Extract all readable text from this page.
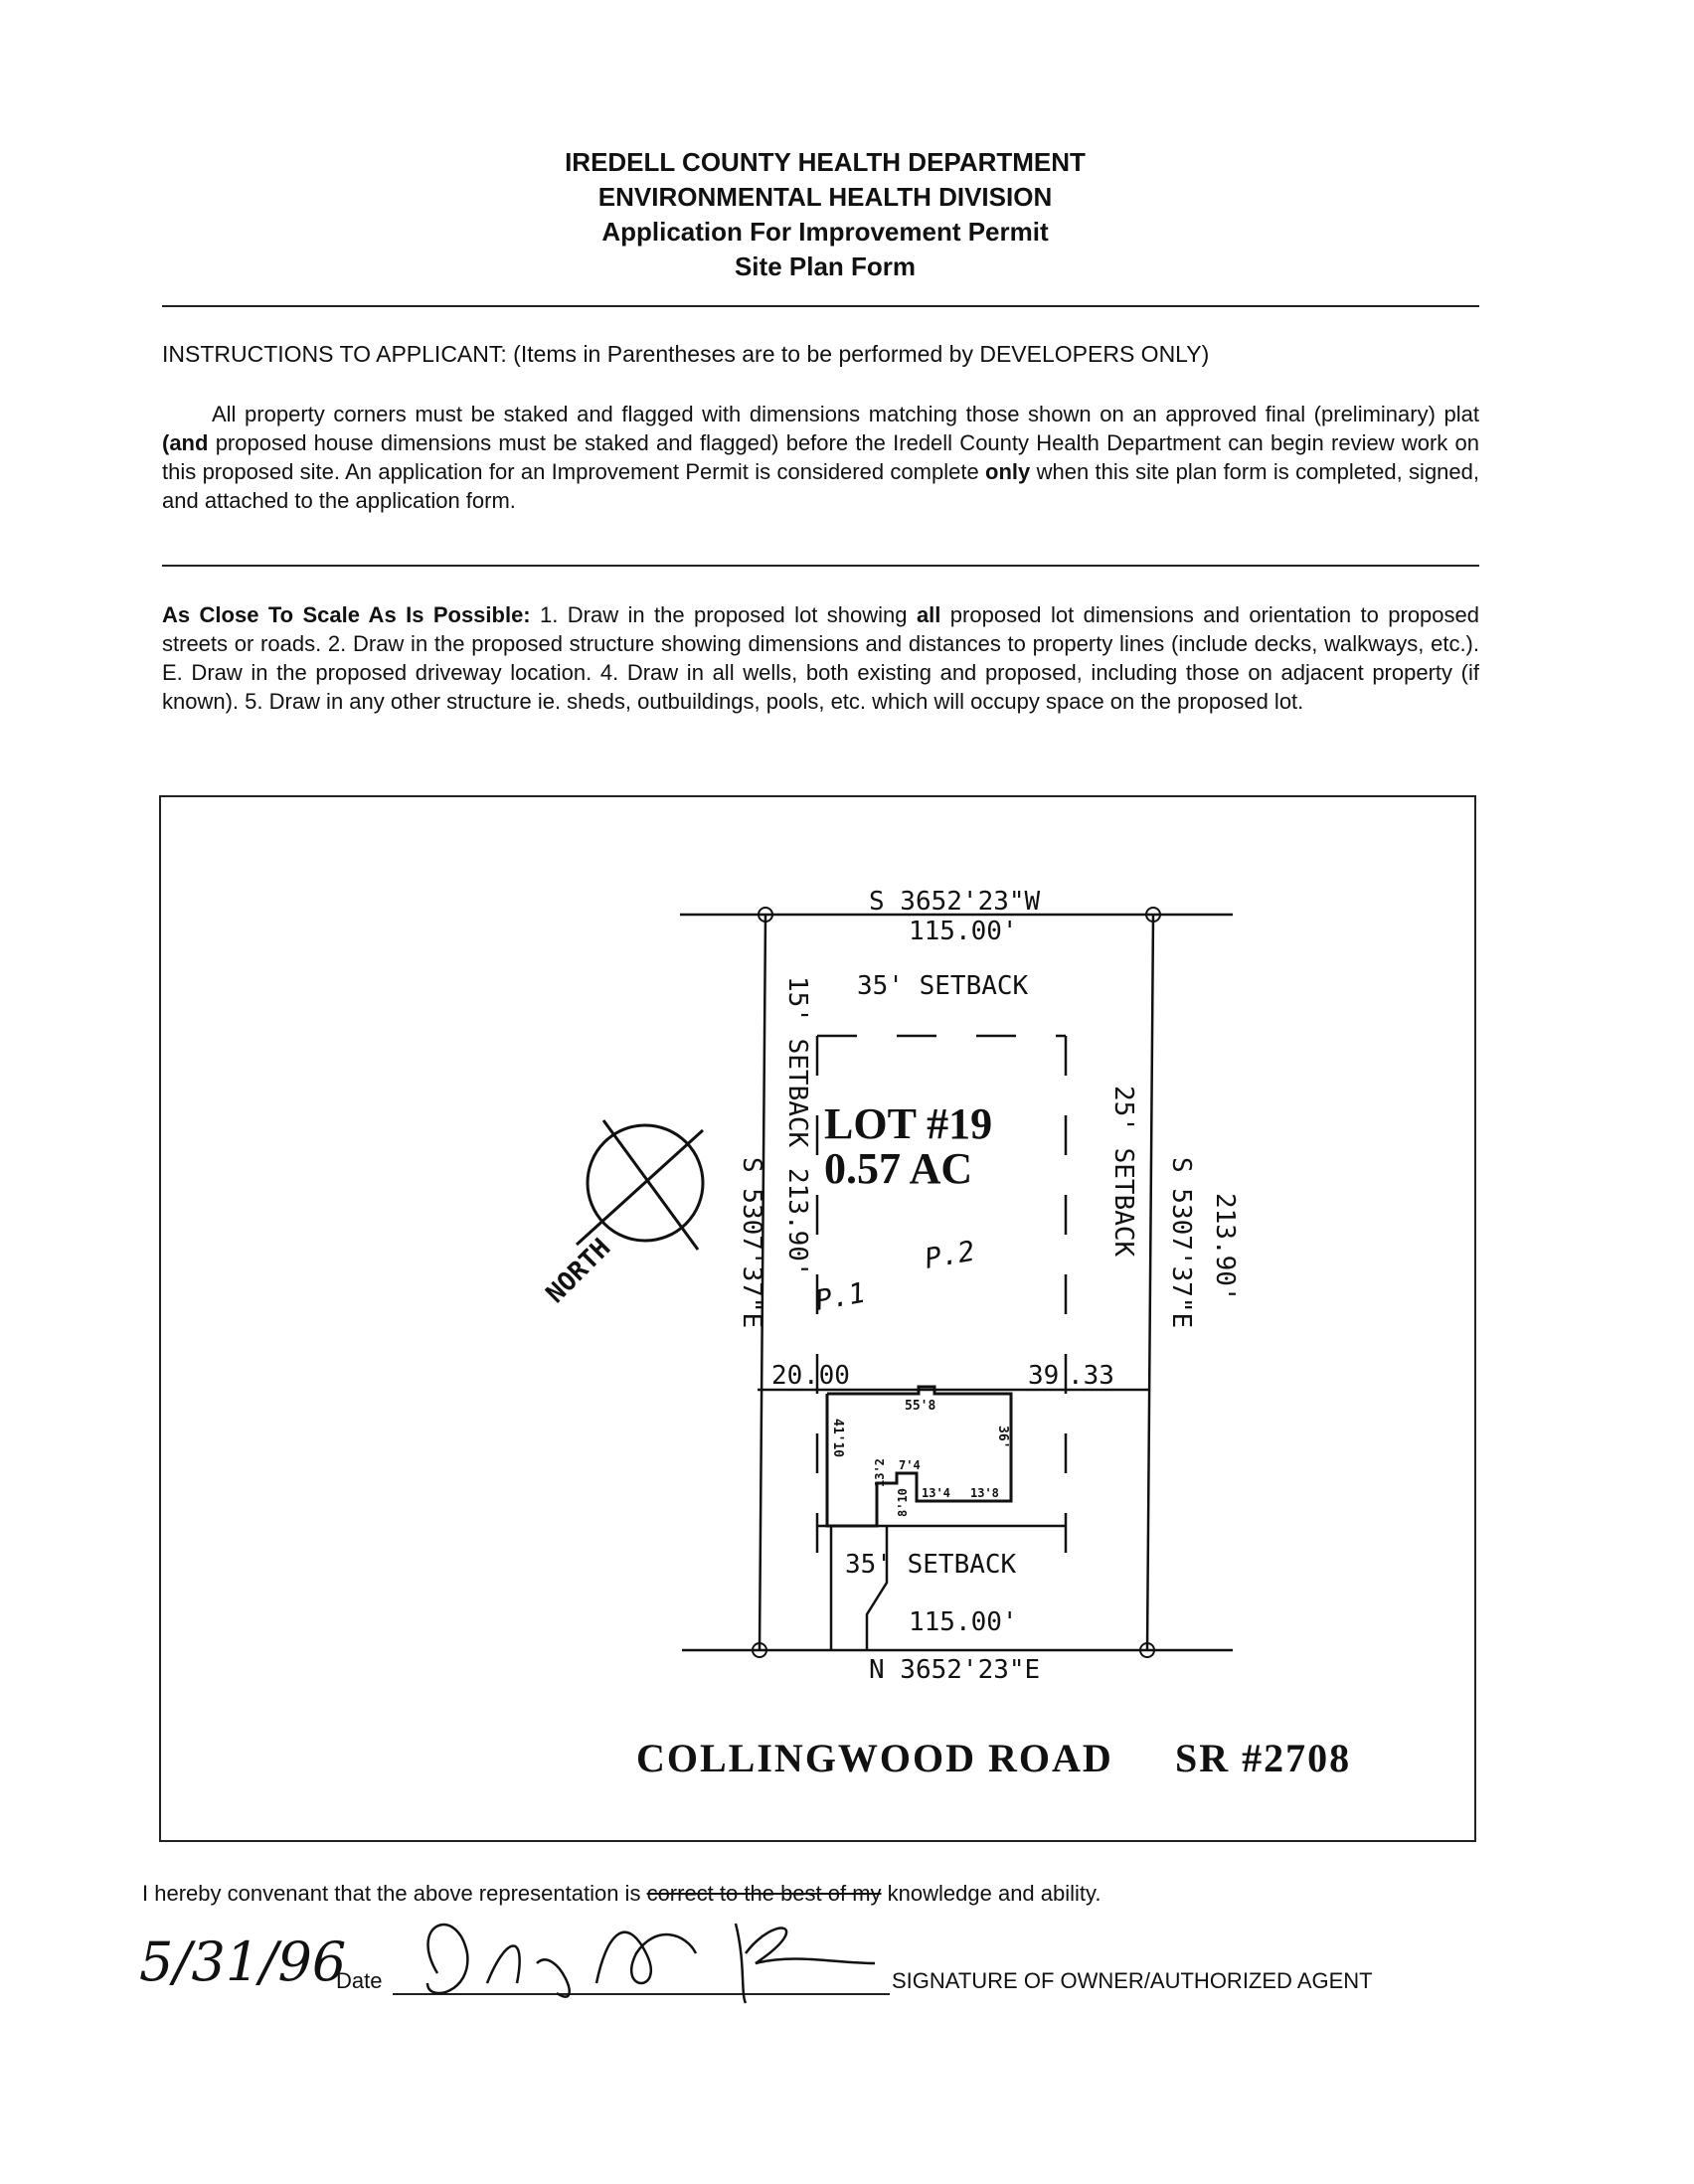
IREDELL COUNTY HEALTH DEPARTMENT
ENVIRONMENTAL HEALTH DIVISION
Application For Improvement Permit
Site Plan Form
INSTRUCTIONS TO APPLICANT: (Items in Parentheses are to be performed by DEVELOPERS ONLY)
All property corners must be staked and flagged with dimensions matching those shown on an approved final (preliminary) plat (and proposed house dimensions must be staked and flagged) before the Iredell County Health Department can begin review work on this proposed site. An application for an Improvement Permit is considered complete only when this site plan form is completed, signed, and attached to the application form.
As Close To Scale As Is Possible: 1. Draw in the proposed lot showing all proposed lot dimensions and orientation to proposed streets or roads. 2. Draw in the proposed structure showing dimensions and distances to property lines (include decks, walkways, etc.). E. Draw in the proposed driveway location. 4. Draw in all wells, both existing and proposed, including those on adjacent property (if known). 5. Draw in any other structure ie. sheds, outbuildings, pools, etc. which will occupy space on the proposed lot.
NORTH
S 3652'23"W
115.00'
35' SETBACK
15' SETBACK
213.90'
S 5307'37"E	25' SETBACK S 5307'37"E 213.90'
LOT #19
0.57 AC
P.1
P.2
20 .00	39 .33
55'8
41'10	36'
7'4
13'2
8'10 13'4 13'8
35' SETBACK
115.00'
N 3652'23"E
COLLINGWOOD ROAD SR #2708
I hereby convenant that the above representation is correct to the best of my knowledge and ability.
5/31/96
Date	SIGNATURE OF OWNER/AUTHORIZED AGENT
